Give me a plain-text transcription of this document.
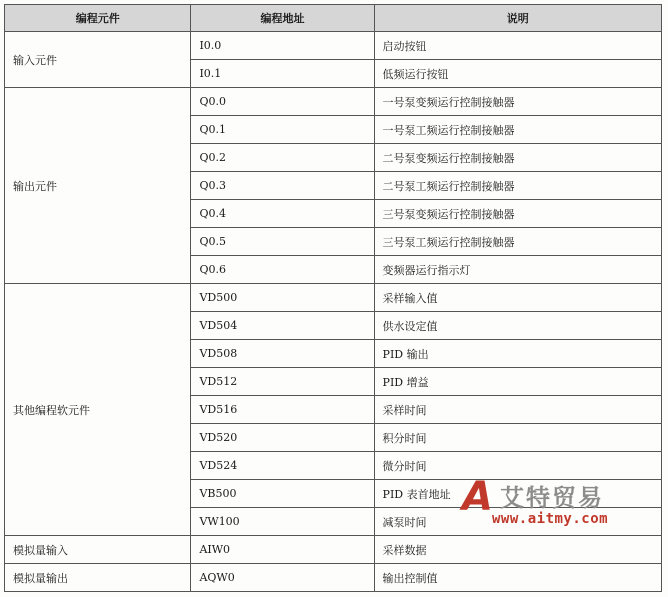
编程元件	编程地址	说明
输入元件	I0.0	启动按钮
	I0.1	低频运行按钮
输出元件	Q0.0	一号泵变频运行控制接触器
	Q0.1	一号泵工频运行控制接触器
	Q0.2	二号泵变频运行控制接触器
	Q0.3	二号泵工频运行控制接触器
	Q0.4	三号泵变频运行控制接触器
	Q0.5	三号泵工频运行控制接触器
	Q0.6	变频器运行指示灯
其他编程软元件	VD500	采样输入值
	VD504	供水设定值
	VD508	PID 输出
	VD512	PID 增益
	VD516	采样时间
	VD520	积分时间
	VD524	微分时间
	VB500	PID 表首地址
	VW100	减泵时间
模拟量输入	AIW0	采样数据
模拟量输出	AQW0	输出控制值
A 艾特贸易
www.aitmy.com
